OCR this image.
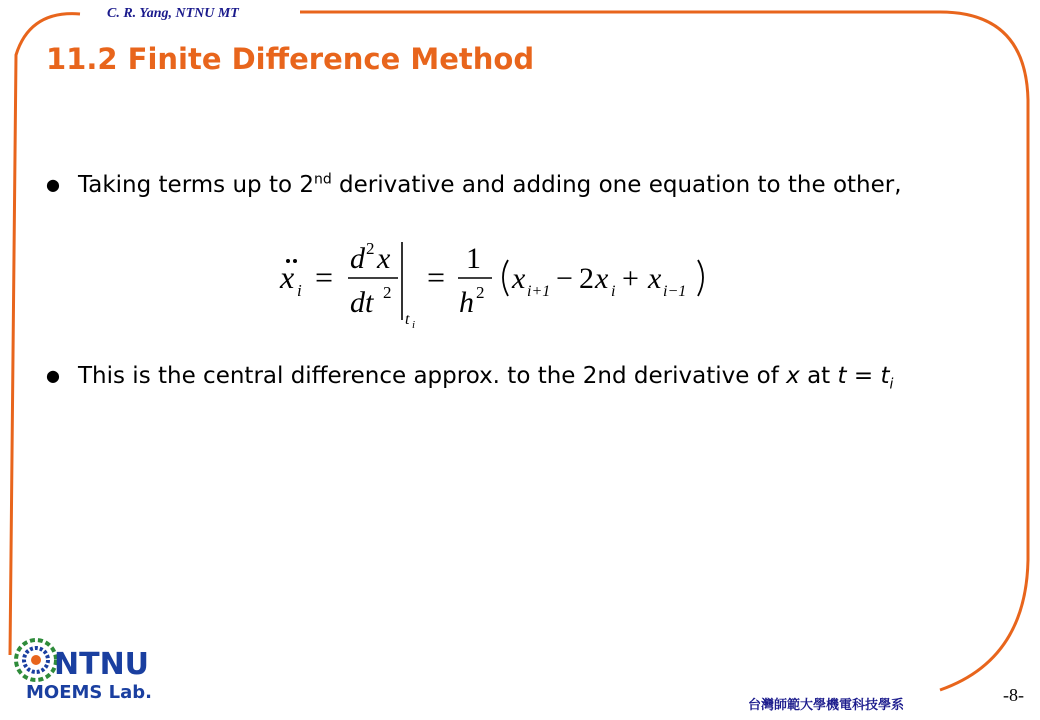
C. R. Yang, NTNU MT
11.2 Finite Difference Method
● Taking terms up to 2nd derivative and adding one equation to the other,
x i =
d 2 x
dt 2
t i
=
1
h 2 x i+1 − 2 x i + x i−1
● This is the central difference approx. to the 2nd derivative of x at $t = t_i$
NTNU
MOEMS Lab.
台灣師範大學機電科技學系
-8-
